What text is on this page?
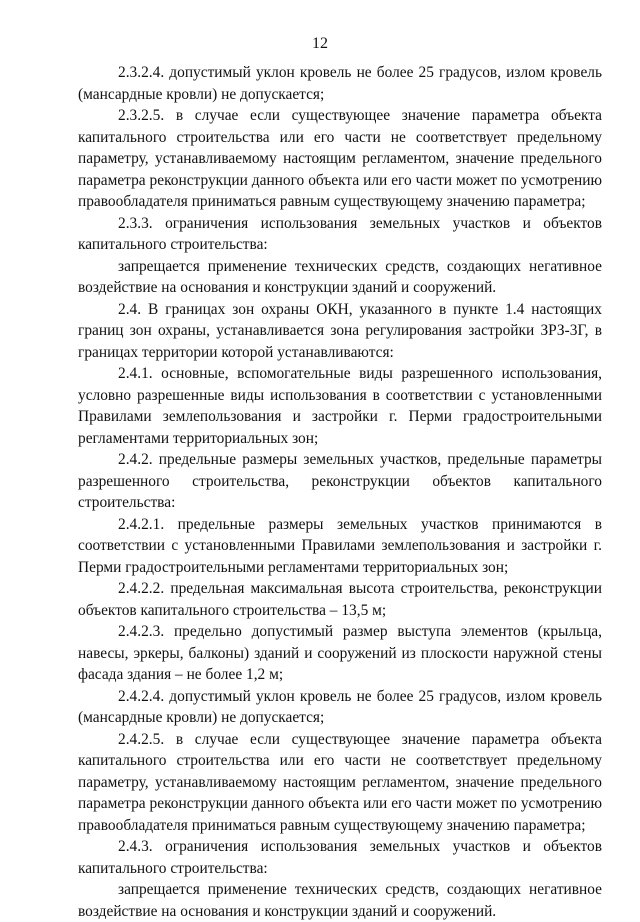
12

2.3.2.4. допустимый уклон кровель не более 25 градусов, излом кровель (мансардные кровли) не допускается;

2.3.2.5. в случае если существующее значение параметра объекта капитального строительства или его части не соответствует предельному параметру, устанавливаемому настоящим регламентом, значение предельного параметра реконструкции данного объекта или его части может по усмотрению правообладателя приниматься равным существующему значению параметра;

2.3.3. ограничения использования земельных участков и объектов капитального строительства:

запрещается применение технических средств, создающих негативное воздействие на основания и конструкции зданий и сооружений.

2.4. В границах зон охраны ОКН, указанного в пункте 1.4 настоящих границ зон охраны, устанавливается зона регулирования застройки ЗРЗ-3Г, в границах территории которой устанавливаются:

2.4.1. основные, вспомогательные виды разрешенного использования, условно разрешенные виды использования в соответствии с установленными Правилами землепользования и застройки г. Перми градостроительными регламентами территориальных зон;

2.4.2. предельные размеры земельных участков, предельные параметры разрешенного строительства, реконструкции объектов капитального строительства:

2.4.2.1. предельные размеры земельных участков принимаются в соответствии с установленными Правилами землепользования и застройки г. Перми градостроительными регламентами территориальных зон;

2.4.2.2. предельная максимальная высота строительства, реконструкции объектов капитального строительства – 13,5 м;

2.4.2.3. предельно допустимый размер выступа элементов (крыльца, навесы, эркеры, балконы) зданий и сооружений из плоскости наружной стены фасада здания – не более 1,2 м;

2.4.2.4. допустимый уклон кровель не более 25 градусов, излом кровель (мансардные кровли) не допускается;

2.4.2.5. в случае если существующее значение параметра объекта капитального строительства или его части не соответствует предельному параметру, устанавливаемому настоящим регламентом, значение предельного параметра реконструкции данного объекта или его части может по усмотрению правообладателя приниматься равным существующему значению параметра;

2.4.3. ограничения использования земельных участков и объектов капитального строительства:

запрещается применение технических средств, создающих негативное воздействие на основания и конструкции зданий и сооружений.
